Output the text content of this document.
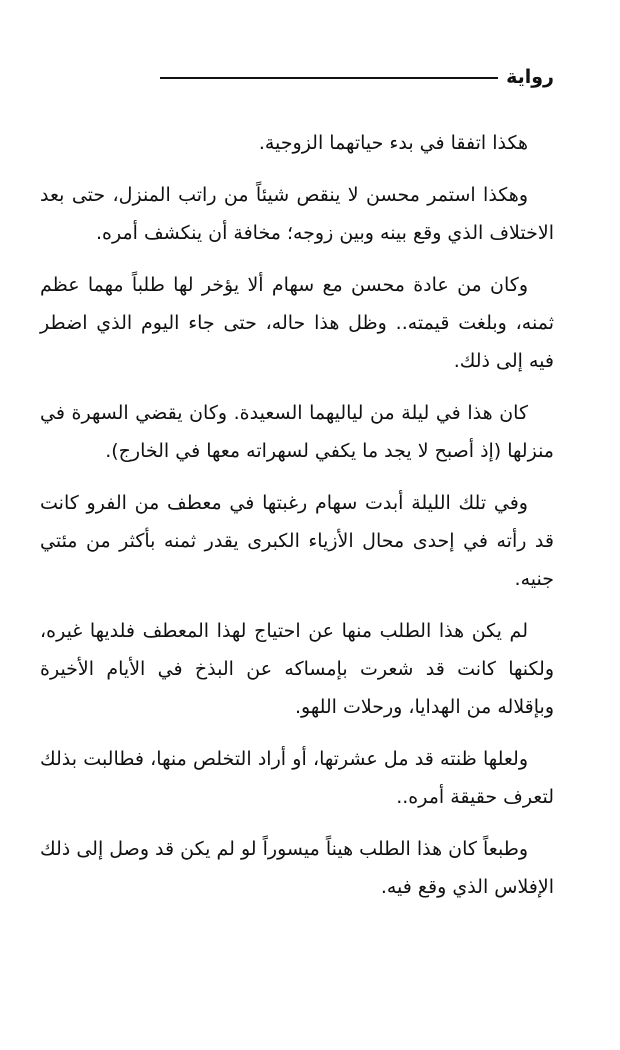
رواية

هكذا اتفقا في بدء حياتهما الزوجية.

وهكذا استمر محسن لا ينقص شيئاً من راتب المنزل، حتى بعد الاختلاف الذي وقع بينه وبين زوجه؛ مخافة أن ينكشف أمره.

وكان من عادة محسن مع سهام ألا يؤخر لها طلباً مهما عظم ثمنه، وبلغت قيمته.. وظل هذا حاله، حتى جاء اليوم الذي اضطر فيه إلى ذلك.

كان هذا في ليلة من لياليهما السعيدة. وكان يقضي السهرة في منزلها (إذ أصبح لا يجد ما يكفي لسهراته معها في الخارج).

وفي تلك الليلة أبدت سهام رغبتها في معطف من الفرو كانت قد رأته في إحدى محال الأزياء الكبرى يقدر ثمنه بأكثر من مئتي جنيه.

لم يكن هذا الطلب منها عن احتياج لهذا المعطف فلديها غيره، ولكنها كانت قد شعرت بإمساكه عن البذخ في الأيام الأخيرة وبإقلاله من الهدايا، ورحلات اللهو.

ولعلها ظنته قد مل عشرتها، أو أراد التخلص منها، فطالبت بذلك لتعرف حقيقة أمره..

وطبعاً كان هذا الطلب هيناً ميسوراً لو لم يكن قد وصل إلى ذلك الإفلاس الذي وقع فيه.
